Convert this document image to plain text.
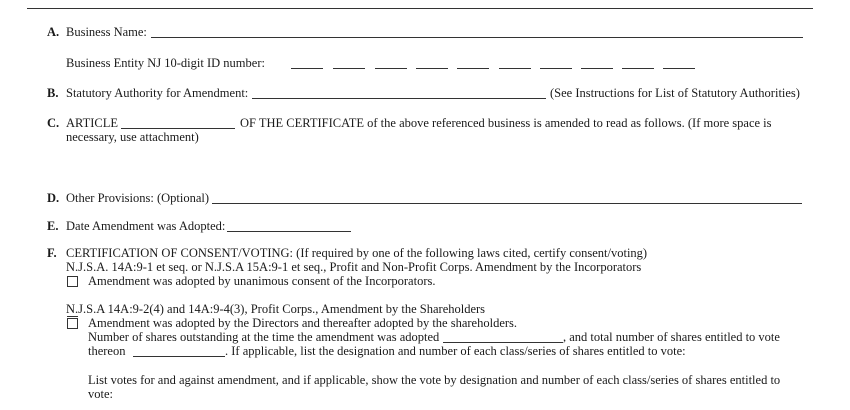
A. Business Name:
Business Entity NJ 10-digit ID number:
B. Statutory Authority for Amendment:	(See Instructions for List of Statutory Authorities)
C. ARTICLE	OF THE CERTIFICATE of the above referenced business is amended to read as follows. (If more space is
necessary, use attachment)
D. Other Provisions: (Optional)
E. Date Amendment was Adopted:
F. CERTIFICATION OF CONSENT/VOTING: (If required by one of the following laws cited, certify consent/voting)
N.J.S.A. 14A:9-1 et seq. or N.J.S.A 15A:9-1 et seq., Profit and Non-Profit Corps. Amendment by the Incorporators
Amendment was adopted by unanimous consent of the Incorporators.
N.J.S.A 14A:9-2(4) and 14A:9-4(3), Profit Corps., Amendment by the Shareholders
Amendment was adopted by the Directors and thereafter adopted by the shareholders.
Number of shares outstanding at the time the amendment was adopted	, and total number of shares entitled to vote
thereon	. If applicable, list the designation and number of each class/series of shares entitled to vote:
List votes for and against amendment, and if applicable, show the vote by designation and number of each class/series of shares entitled to
vote:
